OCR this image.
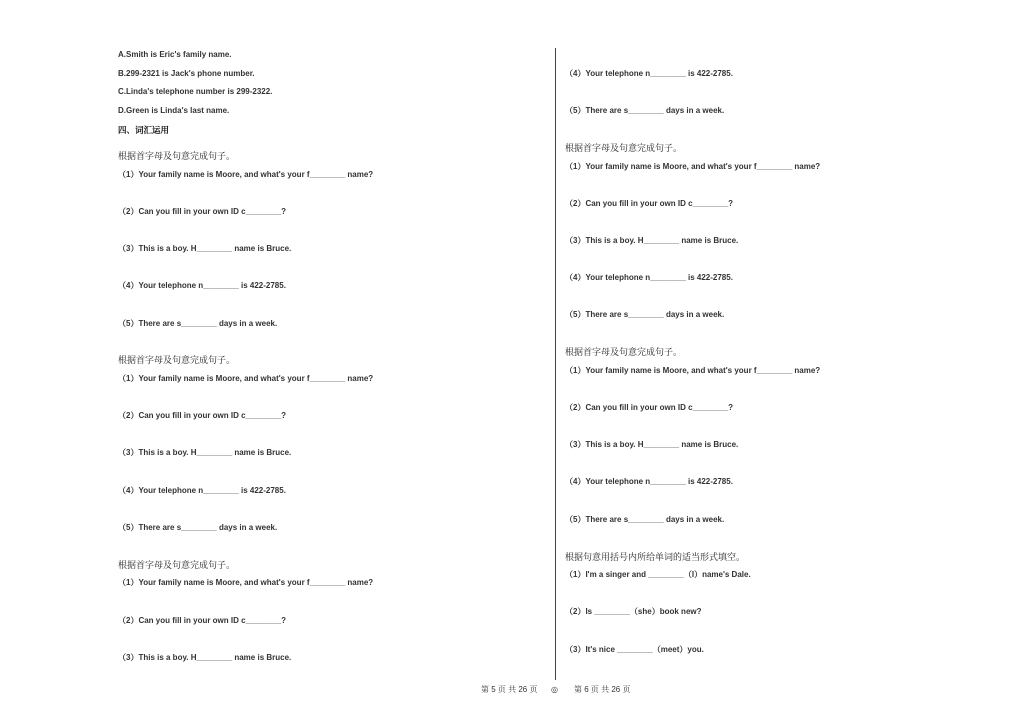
A.Smith is Eric's family name.
B.299-2321 is Jack's phone number.
C.Linda's telephone number is 299-2322.
D.Green is Linda's last name.
四、词汇运用
根据首字母及句意完成句子。
（1）Your family name is Moore, and what's your f________ name?
（2）Can you fill in your own ID c________?
（3）This is a boy. H________ name is Bruce.
（4）Your telephone n________ is 422-2785.
（5）There are s________ days in a week.
根据首字母及句意完成句子。
（1）Your family name is Moore, and what's your f________ name?
（2）Can you fill in your own ID c________?
（3）This is a boy. H________ name is Bruce.
（4）Your telephone n________ is 422-2785.
（5）There are s________ days in a week.
根据首字母及句意完成句子。
（1）Your family name is Moore, and what's your f________ name?
（2）Can you fill in your own ID c________?
（3）This is a boy. H________ name is Bruce.
（4）Your telephone n________ is 422-2785.
（5）There are s________ days in a week.
根据首字母及句意完成句子。
（1）Your family name is Moore, and what's your f________ name?
（2）Can you fill in your own ID c________?
（3）This is a boy. H________ name is Bruce.
（4）Your telephone n________ is 422-2785.
（5）There are s________ days in a week.
根据首字母及句意完成句子。
（1）Your family name is Moore, and what's your f________ name?
（2）Can you fill in your own ID c________?
（3）This is a boy. H________ name is Bruce.
（4）Your telephone n________ is 422-2785.
（5）There are s________ days in a week.
根据句意用括号内所给单词的适当形式填空。
（1）I'm a singer and ________（I）name's Dale.
（2）Is ________（she）book new?
（3）It's nice ________（meet）you.
第 5 页 共 26 页 ◎ 第 6 页 共 26 页
